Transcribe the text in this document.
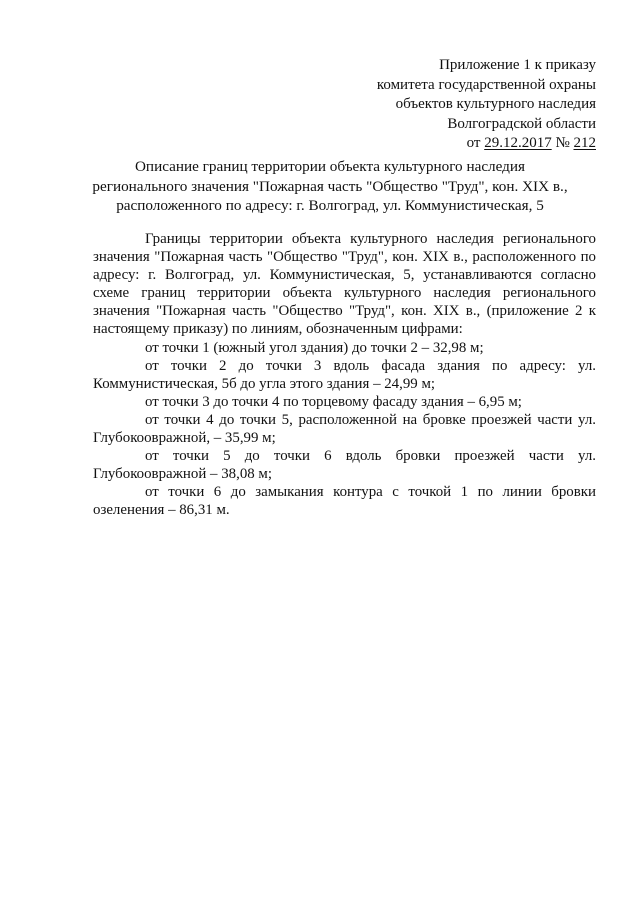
Приложение 1 к приказу
комитета государственной охраны
объектов культурного наследия
Волгоградской области
от 29.12.2017 № 212
Описание границ территории объекта культурного наследия
регионального значения "Пожарная часть "Общество "Труд", кон. XIX в.,
расположенного по адресу: г. Волгоград, ул. Коммунистическая, 5

Границы территории объекта культурного наследия регионального значения "Пожарная часть "Общество "Труд", кон. XIX в., расположенного по адресу: г. Волгоград, ул. Коммунистическая, 5, устанавливаются согласно схеме границ территории объекта культурного наследия регионального значения "Пожарная часть "Общество "Труд", кон. XIX в., (приложение 2 к настоящему приказу) по линиям, обозначенным цифрами:

от точки 1 (южный угол здания) до точки 2 – 32,98 м;

от точки 2 до точки 3 вдоль фасада здания по адресу: ул. Коммунистическая, 5б до угла этого здания – 24,99 м;

от точки 3 до точки 4 по торцевому фасаду здания – 6,95 м;

от точки 4 до точки 5, расположенной на бровке проезжей части ул. Глубокоовражной, – 35,99 м;

от точки 5 до точки 6 вдоль бровки проезжей части ул. Глубокоовражной – 38,08 м;

от точки 6 до замыкания контура с точкой 1 по линии бровки озеленения – 86,31 м.
